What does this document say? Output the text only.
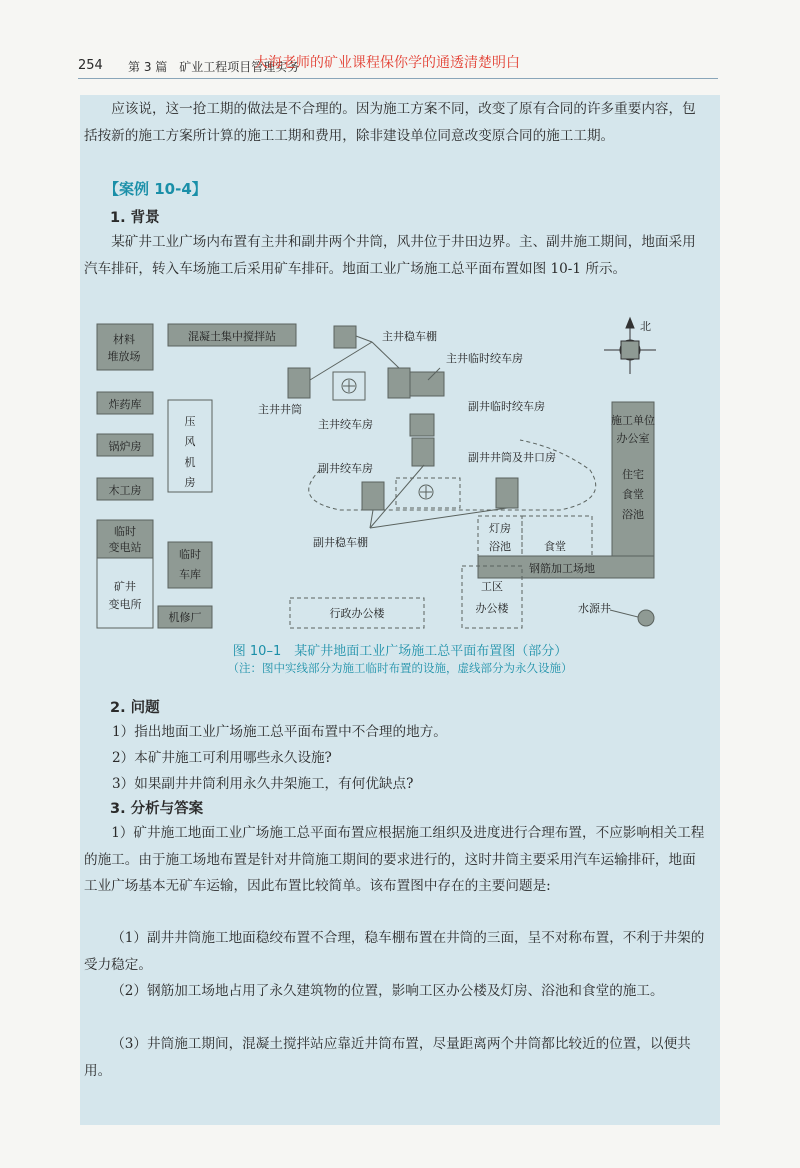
254 第 3 篇　矿业工程项目管理实务
大海老师的矿业课程保你学的通透清楚明白

应该说，这一抢工期的做法是不合理的。因为施工方案不同，改变了原有合同的许多重要内容，包括按新的施工方案所计算的施工工期和费用，除非建设单位同意改变原合同的施工工期。

【案例 10-4】
1. 背景

某矿井工业广场内布置有主井和副井两个井筒，风井位于井田边界。主、副井施工期间，地面采用汽车排矸，转入车场施工后采用矿车排矸。地面工业广场施工总平面布置如图 10-1 所示。

材料
堆放场
混凝土集中搅拌站
炸药库
锅炉房
木工房
临时
变电站
矿井
变电所
压
风
机
房
临时
车库
机修厂
主井稳车棚
主井临时绞车房
主井井筒
主井绞车房
副井临时绞车房
副井绞车房
副井井筒及井口房
副井稳车棚
行政办公楼
施工单位
办公室
住宅
食堂
浴池
灯房
浴池	食堂
钢筋加工场地
工区
办公楼	水源井
北
图 10–1　某矿井地面工业广场施工总平面布置图（部分）
（注：图中实线部分为施工临时布置的设施，虚线部分为永久设施）
2. 问题
1）指出地面工业广场施工总平面布置中不合理的地方。
2）本矿井施工可利用哪些永久设施?
3）如果副井井筒利用永久井架施工，有何优缺点?
3. 分析与答案

1）矿井施工地面工业广场施工总平面布置应根据施工组织及进度进行合理布置，不应影响相关工程的施工。由于施工场地布置是针对井筒施工期间的要求进行的，这时井筒主要采用汽车运输排矸，地面工业广场基本无矿车运输，因此布置比较简单。该布置图中存在的主要问题是:

（1）副井井筒施工地面稳绞布置不合理，稳车棚布置在井筒的三面，呈不对称布置，不利于井架的受力稳定。

（2）钢筋加工场地占用了永久建筑物的位置，影响工区办公楼及灯房、浴池和食堂的施工。

（3）井筒施工期间，混凝土搅拌站应靠近井筒布置，尽量距离两个井筒都比较近的位置，以便共用。
